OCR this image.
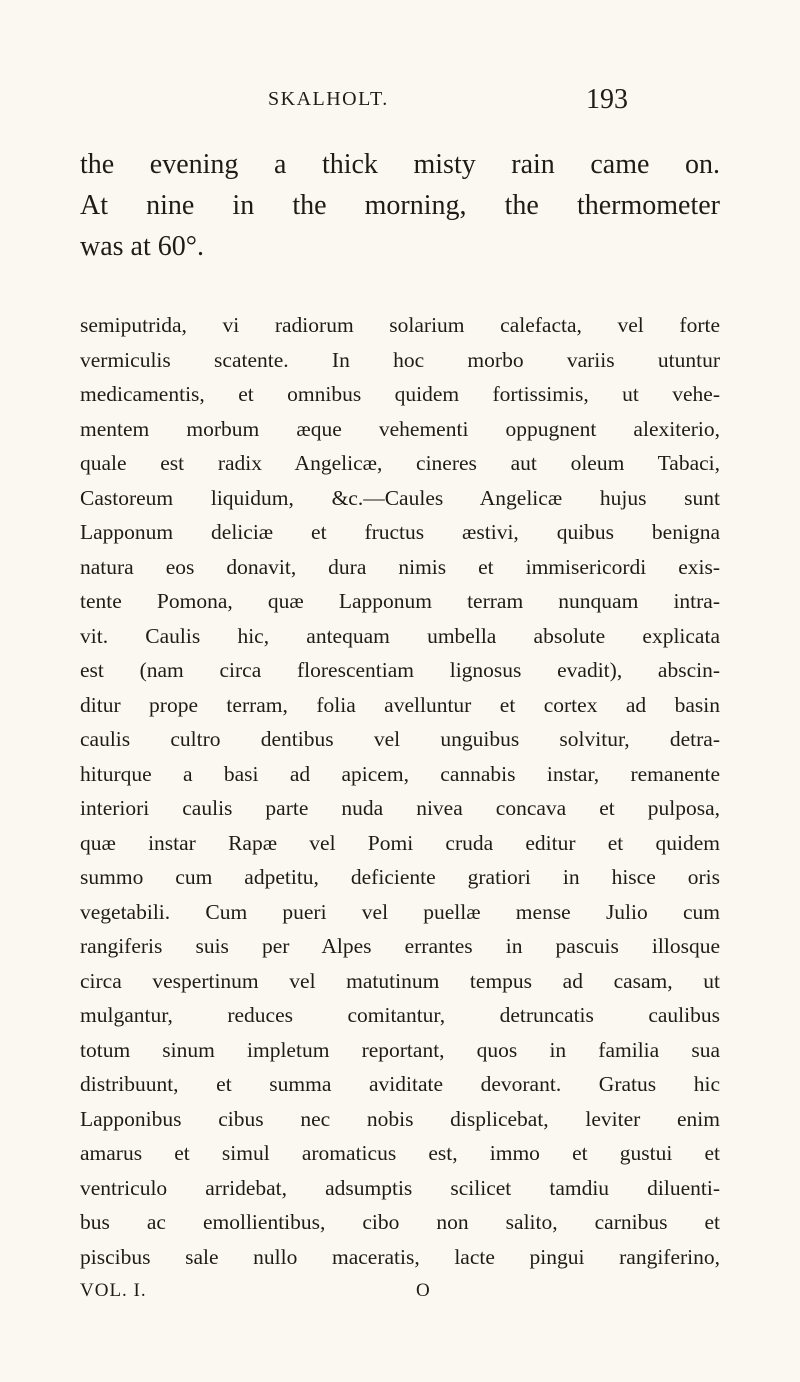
SKALHOLT.	193
the evening a thick misty rain came on.
At nine in the morning, the thermometer
was at 60°.
semiputrida, vi radiorum solarium calefacta, vel forte
vermiculis scatente. In hoc morbo variis utuntur
medicamentis, et omnibus quidem fortissimis, ut vehe-
mentem morbum æque vehementi oppugnent alexiterio,
quale est radix Angelicæ, cineres aut oleum Tabaci,
Castoreum liquidum, &c.—Caules Angelicæ hujus sunt
Lapponum deliciæ et fructus æstivi, quibus benigna
natura eos donavit, dura nimis et immisericordi exis-
tente Pomona, quæ Lapponum terram nunquam intra-
vit. Caulis hic, antequam umbella absolute explicata
est (nam circa florescentiam lignosus evadit), abscin-
ditur prope terram, folia avelluntur et cortex ad basin
caulis cultro dentibus vel unguibus solvitur, detra-
hiturque a basi ad apicem, cannabis instar, remanente
interiori caulis parte nuda nivea concava et pulposa,
quæ instar Rapæ vel Pomi cruda editur et quidem
summo cum adpetitu, deficiente gratiori in hisce oris
vegetabili. Cum pueri vel puellæ mense Julio cum
rangiferis suis per Alpes errantes in pascuis illosque
circa vespertinum vel matutinum tempus ad casam, ut
mulgantur, reduces comitantur, detruncatis caulibus
totum sinum impletum reportant, quos in familia sua
distribuunt, et summa aviditate devorant. Gratus hic
Lapponibus cibus nec nobis displicebat, leviter enim
amarus et simul aromaticus est, immo et gustui et
ventriculo arridebat, adsumptis scilicet tamdiu diluenti-
bus ac emollientibus, cibo non salito, carnibus et
piscibus sale nullo maceratis, lacte pingui rangiferino,
VOL. I.	O
